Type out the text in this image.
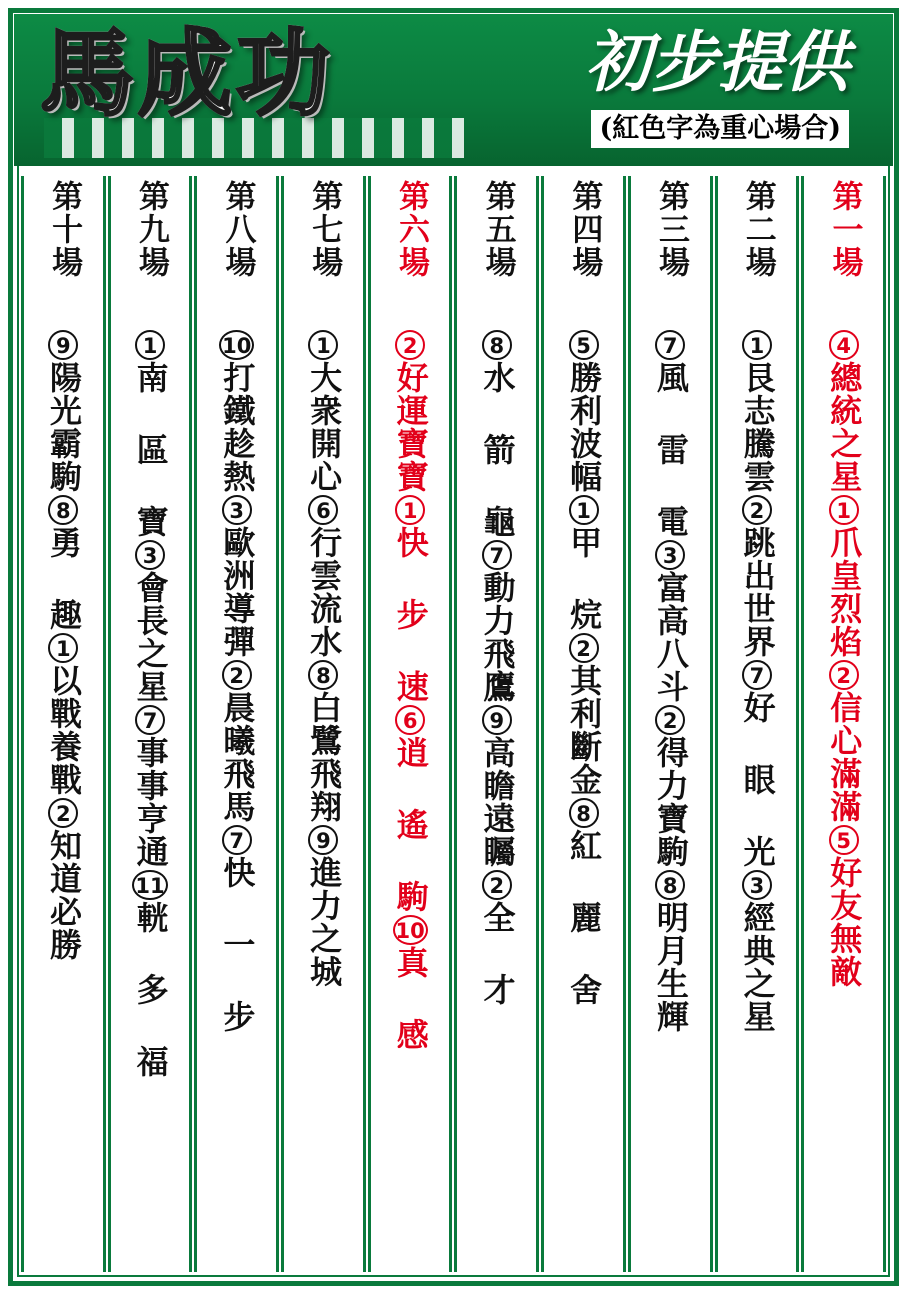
馬成功	初步提供
(紅色字為重心場合)
第一場
4
總統之星
1
爪皇烈焰
2
信心滿滿
5
好友無敵
第二場
1
艮志騰雲
2
跳出世界
7
好 眼 光
3
經典之星
第三場
7
風 雷 電
3
富高八斗
2
得力寶駒
8
明月生輝
第四場
5
勝利波幅
1
甲 烷
2
其利斷金
8
紅 麗 舍
第五場
8
水 箭 龜
7
動力飛鷹
9
高瞻遠矚
2
全 才
第六場
2
好運寶寶
1
快 步 速
6
逍 遙 駒
10
真 感
第七場
1
大衆開心
6
行雲流水
8
白鷺飛翔
9
進力之城
第八場
10
打鐵趁熱
3
歐洲導彈
2
晨曦飛馬
7
快 一 步
第九場
1
南 區 寶
3
會長之星
7
事事亨通
11
輄 多 福
第十場
9
陽光霸駒
8
勇 趣
1
以戰養戰
2
知道必勝
